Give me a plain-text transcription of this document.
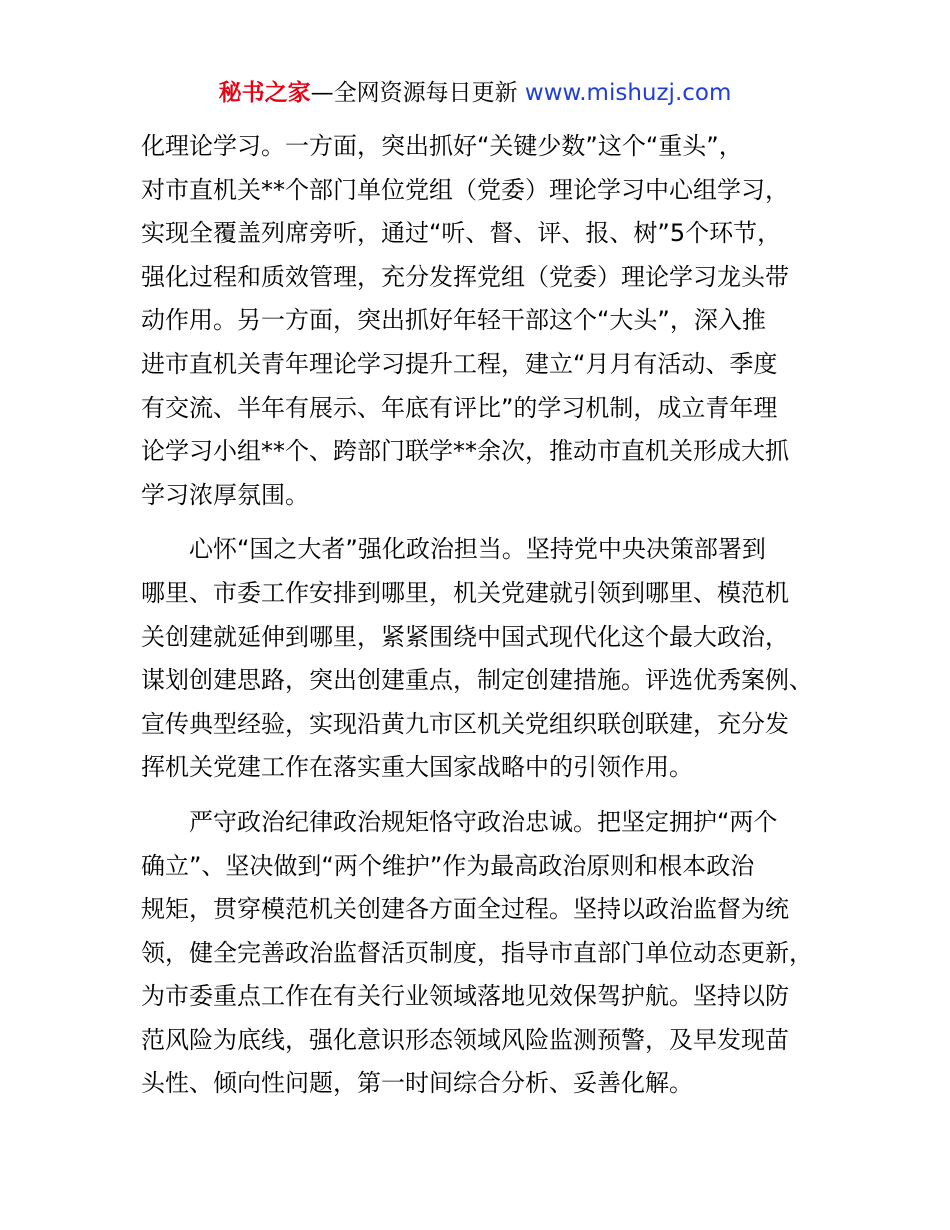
秘书之家—全网资源每日更新 www.mishuzj.com

化理论学习。一方面，突出抓好“关键少数”这个“重头”，
对市直机关**个部门单位党组（党委）理论学习中心组学习，
实现全覆盖列席旁听，通过“听、督、评、报、树”5个环节，
强化过程和质效管理，充分发挥党组（党委）理论学习龙头带
动作用。另一方面，突出抓好年轻干部这个“大头”，深入推
进市直机关青年理论学习提升工程，建立“月月有活动、季度
有交流、半年有展示、年底有评比”的学习机制，成立青年理
论学习小组**个、跨部门联学**余次，推动市直机关形成大抓
学习浓厚氛围。

心怀“国之大者”强化政治担当。坚持党中央决策部署到
哪里、市委工作安排到哪里，机关党建就引领到哪里、模范机
关创建就延伸到哪里，紧紧围绕中国式现代化这个最大政治，
谋划创建思路，突出创建重点，制定创建措施。评选优秀案例、
宣传典型经验，实现沿黄九市区机关党组织联创联建，充分发
挥机关党建工作在落实重大国家战略中的引领作用。

严守政治纪律政治规矩恪守政治忠诚。把坚定拥护“两个
确立”、坚决做到“两个维护”作为最高政治原则和根本政治
规矩，贯穿模范机关创建各方面全过程。坚持以政治监督为统
领，健全完善政治监督活页制度，指导市直部门单位动态更新，
为市委重点工作在有关行业领域落地见效保驾护航。坚持以防
范风险为底线，强化意识形态领域风险监测预警，及早发现苗
头性、倾向性问题，第一时间综合分析、妥善化解。
